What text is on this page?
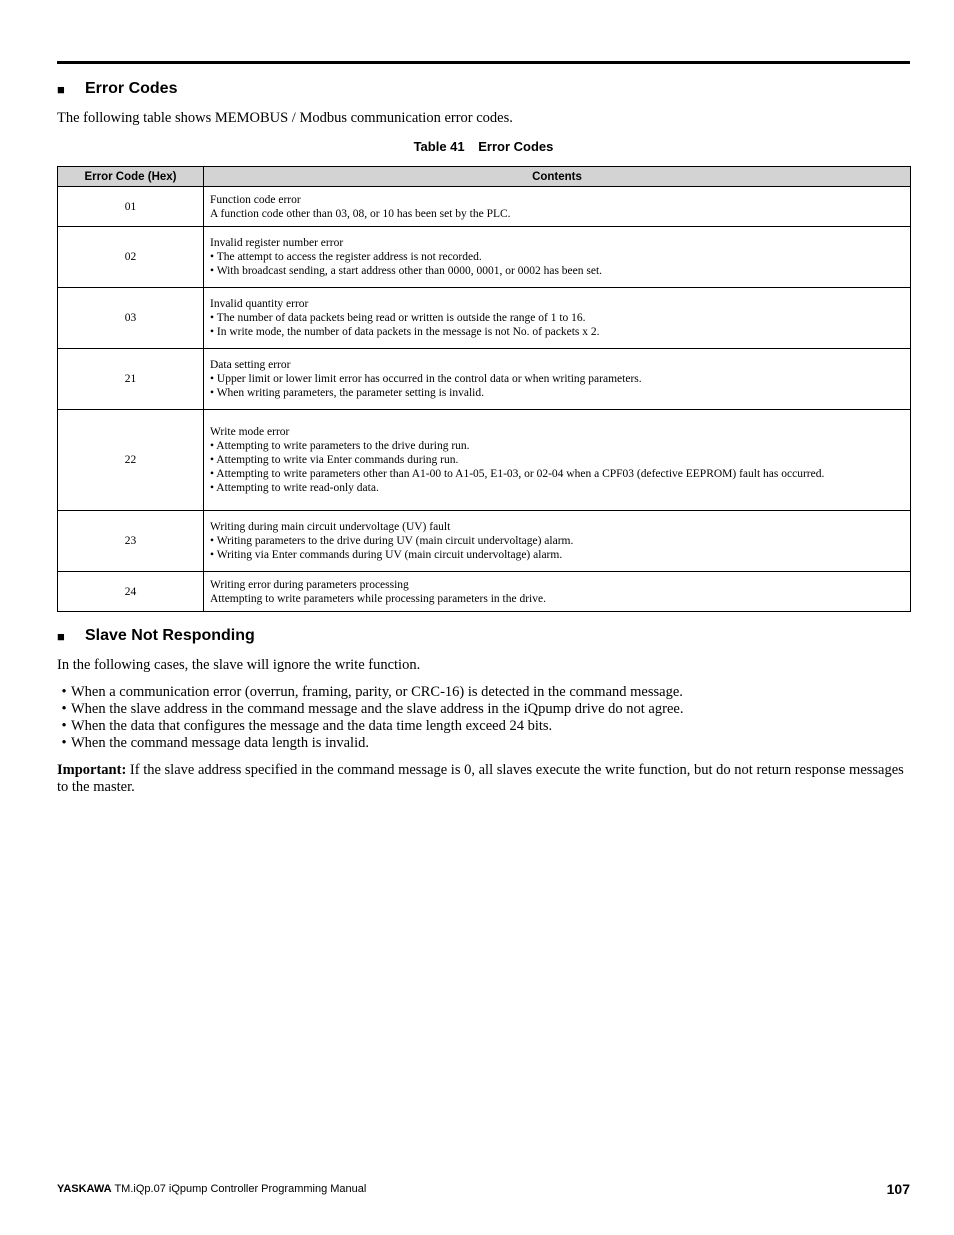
■	Error Codes
The following table shows MEMOBUS / Modbus communication error codes.
Table 41 Error Codes
Error Code (Hex)	Contents
01	Function code error
A function code other than 03, 08, or 10 has been set by the PLC.

02	Invalid register number error
• The attempt to access the register address is not recorded.
• With broadcast sending, a start address other than 0000, 0001, or 0002 has been set.

03	Invalid quantity error
• The number of data packets being read or written is outside the range of 1 to 16.
• In write mode, the number of data packets in the message is not No. of packets x 2.

21	Data setting error
• Upper limit or lower limit error has occurred in the control data or when writing parameters.
• When writing parameters, the parameter setting is invalid.

22	Write mode error
• Attempting to write parameters to the drive during run.
• Attempting to write via Enter commands during run.
• Attempting to write parameters other than A1-00 to A1-05, E1-03, or 02-04 when a CPF03 (defective EEPROM) fault has occurred.
• Attempting to write read-only data.

23	Writing during main circuit undervoltage (UV) fault
• Writing parameters to the drive during UV (main circuit undervoltage) alarm.
• Writing via Enter commands during UV (main circuit undervoltage) alarm.

24	Writing error during parameters processing
Attempting to write parameters while processing parameters in the drive.
■	Slave Not Responding
In the following cases, the slave will ignore the write function.
• When a communication error (overrun, framing, parity, or CRC-16) is detected in the command message.
• When the slave address in the command message and the slave address in the iQpump drive do not agree.
• When the data that configures the message and the data time length exceed 24 bits.
• When the command message data length is invalid.
Important: If the slave address specified in the command message is 0, all slaves execute the write function, but do not return response messages to the master.
YASKAWA TM.iQp.07 iQpump Controller Programming Manual	107
